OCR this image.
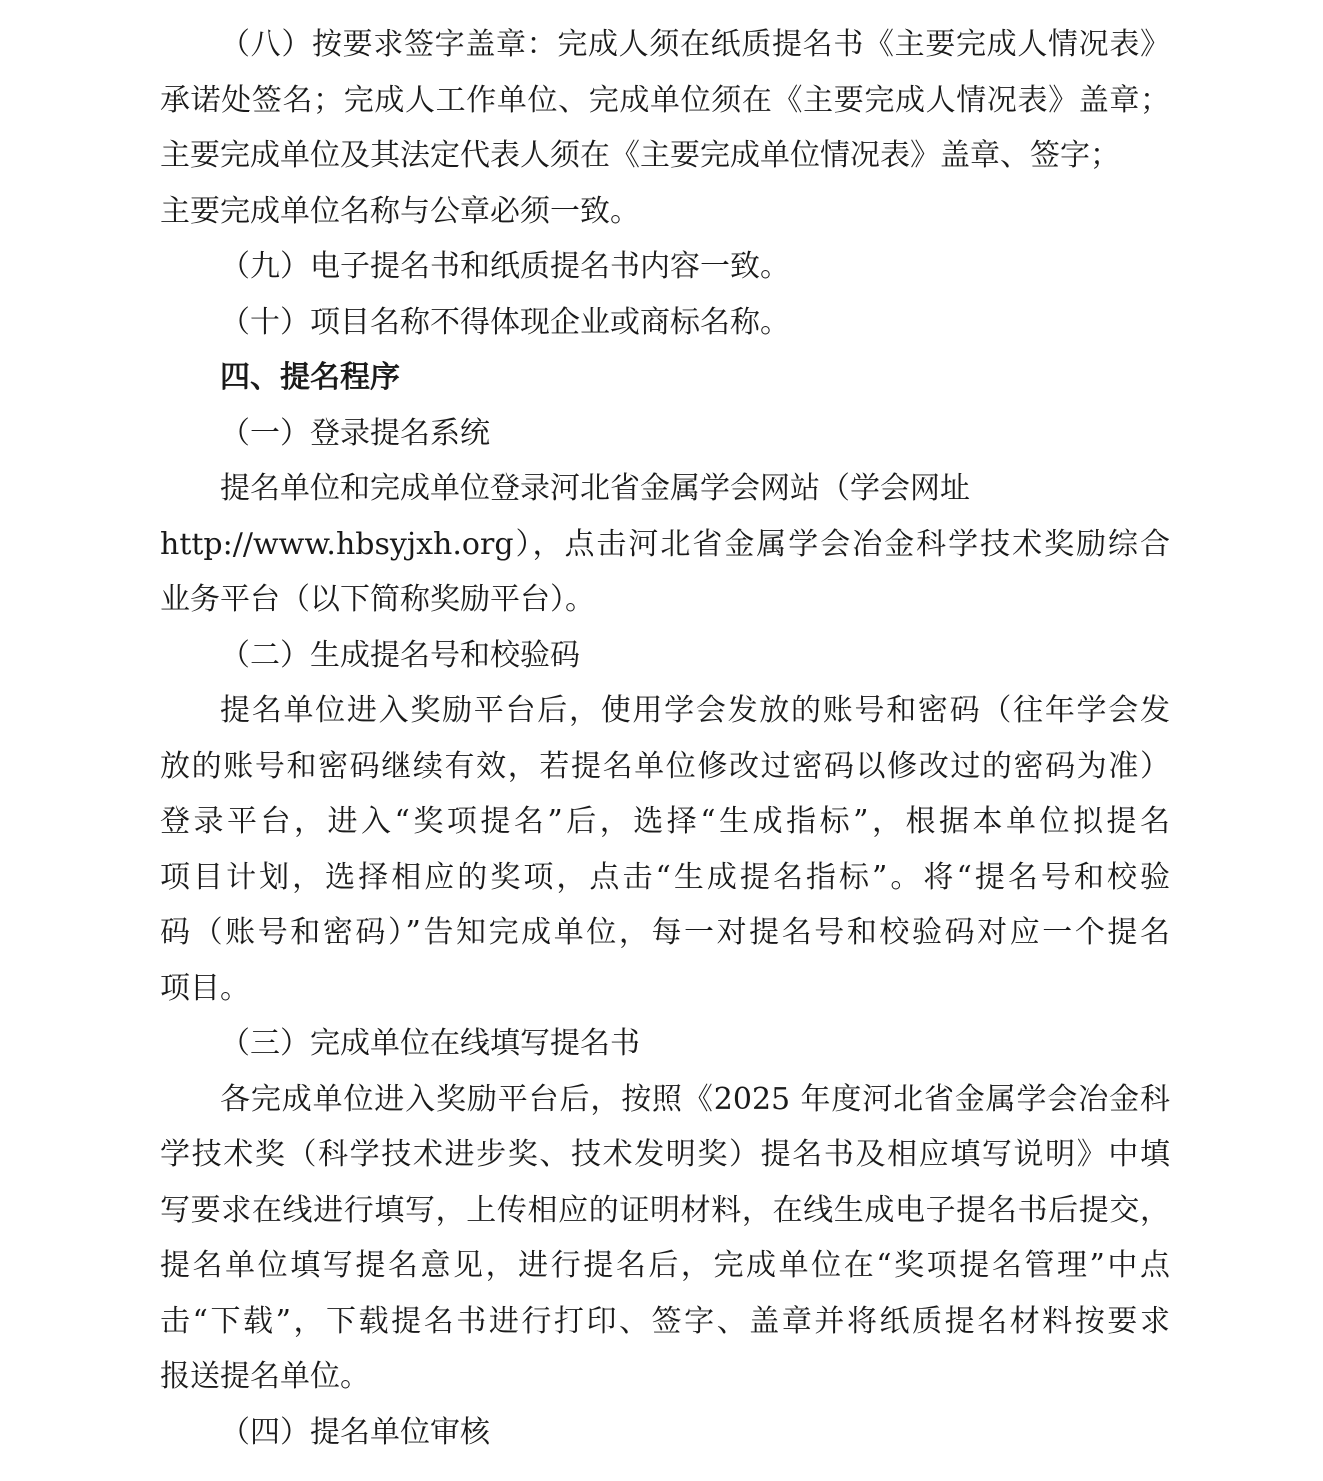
（八）按要求签字盖章：完成人须在纸质提名书《主要完成人情况表》
承诺处签名；完成人工作单位、完成单位须在《主要完成人情况表》盖章；
主要完成单位及其法定代表人须在《主要完成单位情况表》盖章、签字；
主要完成单位名称与公章必须一致。
（九）电子提名书和纸质提名书内容一致。
（十）项目名称不得体现企业或商标名称。
四、提名程序
（一）登录提名系统
提名单位和完成单位登录河北省金属学会网站（学会网址
http://www.hbsyjxh.org），点击河北省金属学会冶金科学技术奖励综合
业务平台（以下简称奖励平台）。
（二）生成提名号和校验码
提名单位进入奖励平台后，使用学会发放的账号和密码（往年学会发
放的账号和密码继续有效，若提名单位修改过密码以修改过的密码为准）
登录平台，进入“奖项提名”后，选择“生成指标”，根据本单位拟提名
项目计划，选择相应的奖项，点击“生成提名指标”。将“提名号和校验
码（账号和密码）”告知完成单位，每一对提名号和校验码对应一个提名
项目。
（三）完成单位在线填写提名书
各完成单位进入奖励平台后，按照《2025 年度河北省金属学会冶金科
学技术奖（科学技术进步奖、技术发明奖）提名书及相应填写说明》中填
写要求在线进行填写，上传相应的证明材料，在线生成电子提名书后提交，
提名单位填写提名意见，进行提名后，完成单位在“奖项提名管理”中点
击“下载”，下载提名书进行打印、签字、盖章并将纸质提名材料按要求
报送提名单位。
（四）提名单位审核
